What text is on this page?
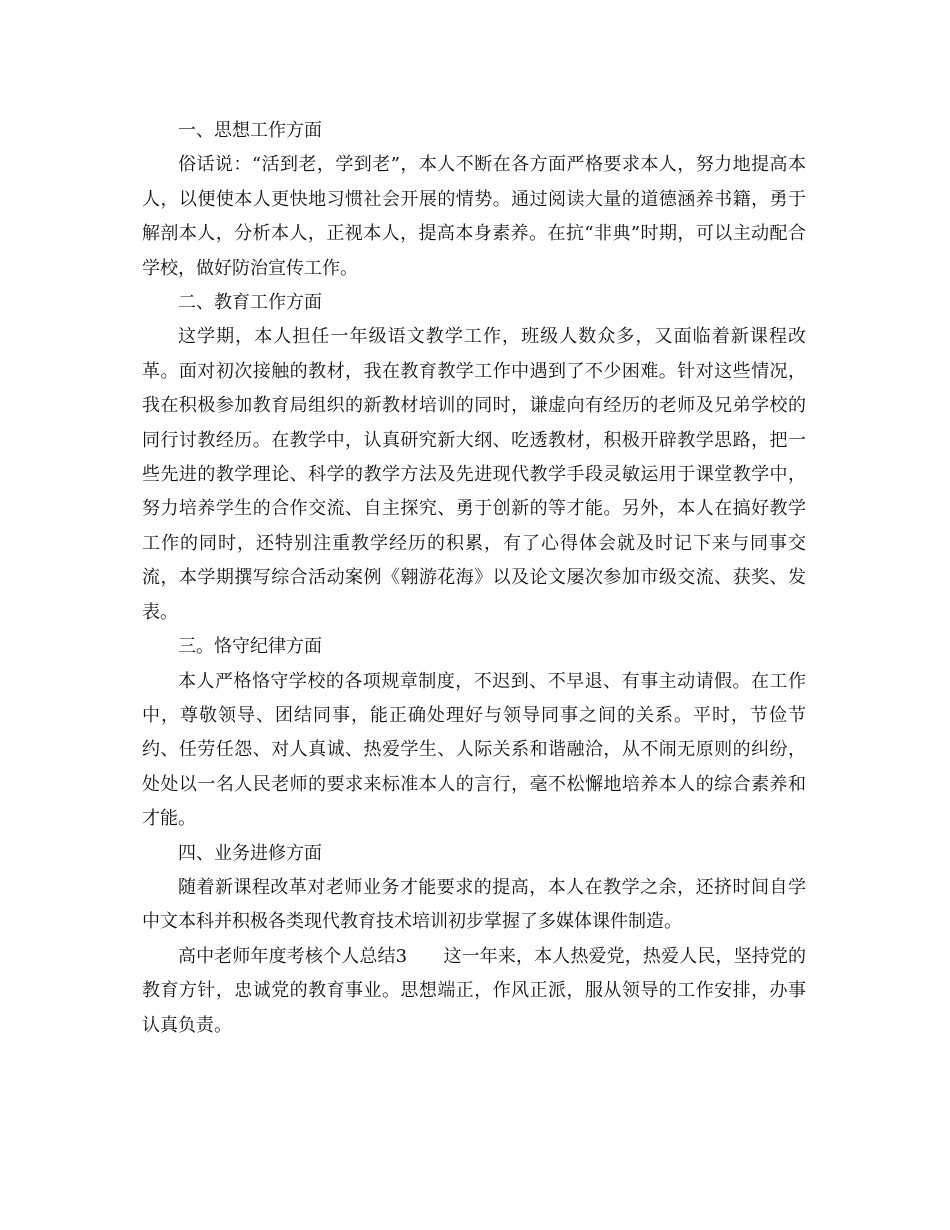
一、思想工作方面

俗话说：“活到老，学到老”，本人不断在各方面严格要求本人，努力地提高本人，以便使本人更快地习惯社会开展的情势。通过阅读大量的道德涵养书籍，勇于解剖本人，分析本人，正视本人，提高本身素养。在抗“非典”时期，可以主动配合学校，做好防治宣传工作。

二、教育工作方面

这学期，本人担任一年级语文教学工作，班级人数众多，又面临着新课程改革。面对初次接触的教材，我在教育教学工作中遇到了不少困难。针对这些情况，我在积极参加教育局组织的新教材培训的同时，谦虚向有经历的老师及兄弟学校的同行讨教经历。在教学中，认真研究新大纲、吃透教材，积极开辟教学思路，把一些先进的教学理论、科学的教学方法及先进现代教学手段灵敏运用于课堂教学中，努力培养学生的合作交流、自主探究、勇于创新的等才能。另外，本人在搞好教学工作的同时，还特别注重教学经历的积累，有了心得体会就及时记下来与同事交流，本学期撰写综合活动案例《翱游花海》以及论文屡次参加市级交流、获奖、发表。

三。恪守纪律方面

本人严格恪守学校的各项规章制度，不迟到、不早退、有事主动请假。在工作中，尊敬领导、团结同事，能正确处理好与领导同事之间的关系。平时，节俭节约、任劳任怨、对人真诚、热爱学生、人际关系和谐融洽，从不闹无原则的纠纷，处处以一名人民老师的要求来标准本人的言行，毫不松懈地培养本人的综合素养和才能。

四、业务进修方面

随着新课程改革对老师业务才能要求的提高，本人在教学之余，还挤时间自学中文本科并积极各类现代教育技术培训初步掌握了多媒体课件制造。

高中老师年度考核个人总结3　　这一年来，本人热爱党，热爱人民，坚持党的教育方针，忠诚党的教育事业。思想端正，作风正派，服从领导的工作安排，办事认真负责。
